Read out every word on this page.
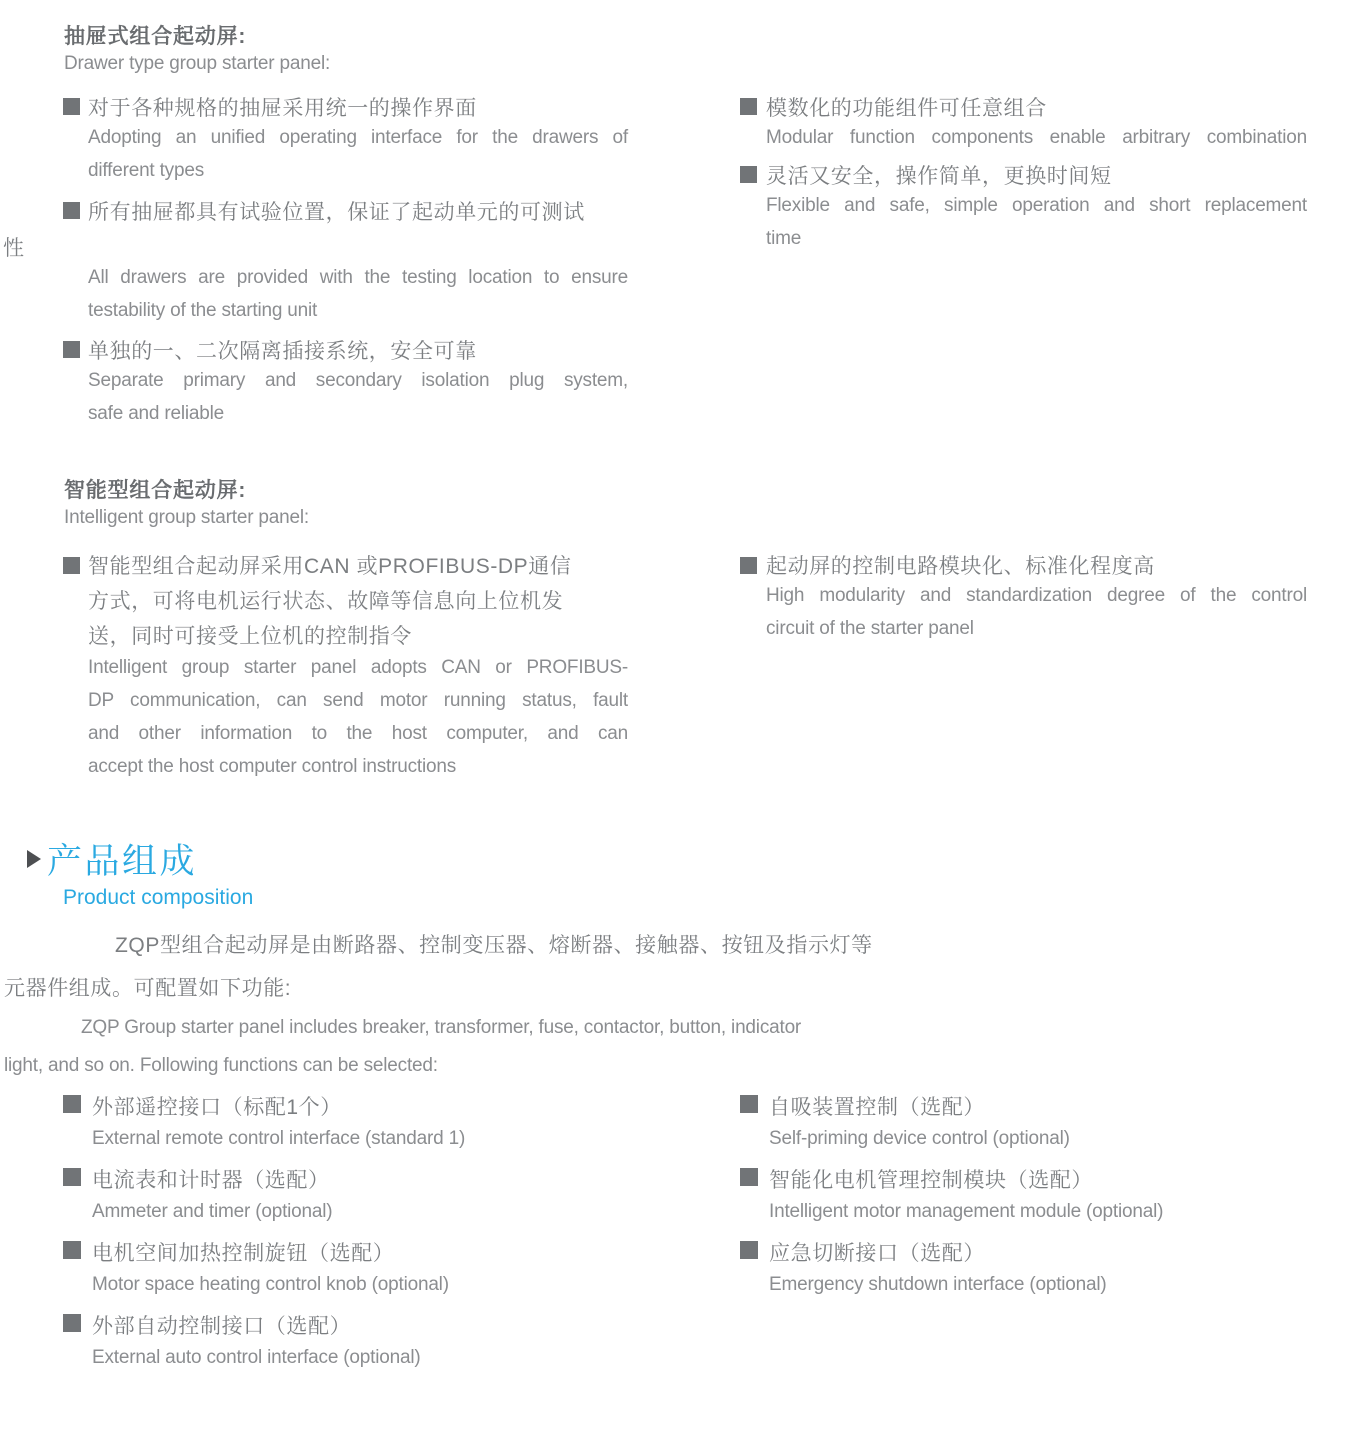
抽屉式组合起动屏:
Drawer type group starter panel:
对于各种规格的抽屉采用统一的操作界面
Adopting an unified operating interface for the drawers of
different types
所有抽屉都具有试验位置，保证了起动单元的可测试
性
All drawers are provided with the testing location to ensure
testability of the starting unit
单独的一、二次隔离插接系统，安全可靠
Separate primary and secondary isolation plug system,
safe and reliable
模数化的功能组件可任意组合
Modular function components enable arbitrary combination
灵活又安全，操作简单，更换时间短
Flexible and safe, simple operation and short replacement
time
智能型组合起动屏:
Intelligent group starter panel:
智能型组合起动屏采用CAN 或PROFIBUS-DP通信
方式，可将电机运行状态、故障等信息向上位机发
送，同时可接受上位机的控制指令
Intelligent group starter panel adopts CAN or PROFIBUS-
DP communication, can send motor running status, fault
and other information to the host computer, and can
accept the host computer control instructions
起动屏的控制电路模块化、标准化程度高
High modularity and standardization degree of the control
circuit of the starter panel
产品组成
Product composition
ZQP型组合起动屏是由断路器、控制变压器、熔断器、接触器、按钮及指示灯等
元器件组成。可配置如下功能:
ZQP Group starter panel includes breaker, transformer, fuse, contactor, button, indicator
light, and so on. Following functions can be selected:
外部遥控接口（标配1个）
External remote control interface (standard 1)
电流表和计时器（选配）
Ammeter and timer (optional)
电机空间加热控制旋钮（选配）
Motor space heating control knob (optional)
外部自动控制接口（选配）
External auto control interface (optional)
自吸装置控制（选配）
Self-priming device control (optional)
智能化电机管理控制模块（选配）
Intelligent motor management module (optional)
应急切断接口（选配）
Emergency shutdown interface (optional)
